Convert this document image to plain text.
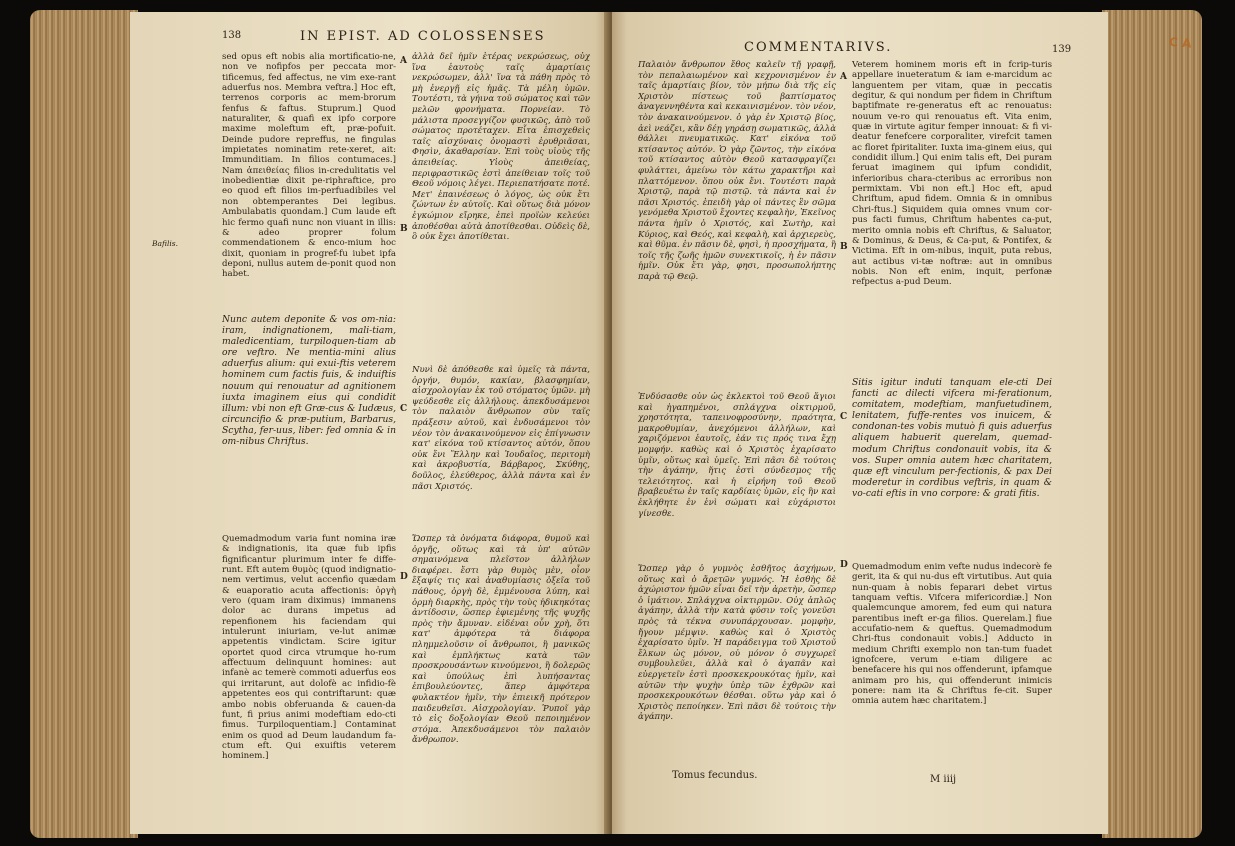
C A
138	IN EPIST. AD COLOSSENSES

sed opus eft nobis alia mortificatio-ne, non ve nofipfos per peccata mor-tificemus, fed affectus, ne vim exe-rant aduerfus nos. Membra veftra.] Hoc eft, terrenos corporis ac mem-brorum fenfus & faftus. Stuprum.] Quod naturaliter, & quafi ex ipfo corpore maxime moleftum eft, præ-pofuit. Deinde pudore repreffus, ne fingulas impietates nominatim rete-xeret, ait: Immunditiam. In filios contumaces.] Nam ἀπειθείας filios in-credulitatis vel inobedientiæ dixit pe-riphraftice, pro eo quod eft filios im-perfuadibiles vel non obtemperantes Dei legibus. Ambulabatis quondam.] Cum laude eft hic fermo quafi nunc non viuant in illis: & adeo proprer folum commendationem & enco-mium hoc dixit, quoniam in progref-fu iubet ipfa deponi, nullus autem de-ponit quod non habet.

Nunc autem deponite & vos om-nia: iram, indignationem, mali-tiam, maledicentiam, turpiloquen-tiam ab ore veftro. Ne mentia-mini alius aduerfus alium: qui exui-ftis veterem hominem cum factis fuis, & induiftis nouum qui renouatur ad agnitionem iuxta imaginem eius qui condidit illum: vbi non eft Græ-cus & Iudæus, circuncifio & præ-putium, Barbarus, Scytha, fer-uus, liber: fed omnia & in om-nibus Chriftus.

Quemadmodum varia funt nomina iræ & indignationis, ita quæ fub ipfis fignificantur plurimum inter fe diffe-runt. Eft autem θυμὸς (quod indignatio-nem vertimus, velut accenfio quædam & euaporatio acuta affectionis: ὀργὴ vero (quam iram diximus) immanens dolor ac durans impetus ad repenfionem his faciendam qui intulerunt iniuriam, ve-lut animæ appetentis vindictam. Scire igitur oportet quod circa vtrumque ho-rum affectuum delinquunt homines: aut infanè ac temerè commoti aduerfus eos qui irritarunt, aut dolofè ac infidio-fè appetentes eos qui contriftarunt: quæ ambo nobis obferuanda & cauen-da funt, fi prius animi modeftiam edo-cti fimus. Turpiloquentiam.] Contaminat enim os quod ad Deum laudandum fa-ctum eft. Qui exuiftis veterem hominem.]

A
B
C
D

ἀλλὰ δεῖ ἡμῖν ἑτέρας νεκρώσεως, οὐχ ἵνα ἑαυτοὺς ταῖς ἁμαρτίαις νεκρώσωμεν, ἀλλ' ἵνα τὰ πάθη πρὸς τὸ μὴ ἐνεργῇ εἰς ἡμᾶς. Τὰ μέλη ὑμῶν. Τουτέστι, τὰ γήινα τοῦ σώματος καὶ τῶν μελῶν φρονήματα. Πορνείαν. Τὸ μάλιστα προσεγγίζον φυσικῶς, ἀπὸ τοῦ σώματος προτέταχεν. Εἶτα ἐπισχεθεὶς ταῖς αἰσχύναις ὀνομαστὶ ἐρυθριᾶσαι, Φησὶν, ἀκαθαρσίαν. Ἐπὶ τοὺς υἱοὺς τῆς ἀπειθείας. Υἱοὺς ἀπειθείας, περιφραστικῶς ἐστὶ ἀπείθειαν τοῖς τοῦ Θεοῦ νόμοις λέγει. Περιεπατήσατε ποτέ. Μετ' ἐπαινέσεως ὁ λόγος, ὡς οὐκ ἔτι ζώντων ἐν αὐτοῖς. Καὶ οὕτως διὰ μόνον ἐγκώμιον εἴρηκε, ἐπεὶ προϊὼν κελεύει ἀποθέσθαι αὐτὰ ἀποτίθεσθαι. Οὐδεὶς δὲ, ὃ οὐκ ἔχει ἀποτίθεται.

Νυνὶ δὲ ἀπόθεσθε καὶ ὑμεῖς τὰ πάντα, ὀργήν, θυμόν, κακίαν, βλασφημίαν, αἰσχρολογίαν ἐκ τοῦ στόματος ὑμῶν. μὴ ψεύδεσθε εἰς ἀλλήλους. ἀπεκδυσάμενοι τὸν παλαιὸν ἄνθρωπον σὺν ταῖς πράξεσιν αὐτοῦ, καὶ ἐνδυσάμενοι τὸν νέον τὸν ἀνακαινούμενον εἰς ἐπίγνωσιν κατ' εἰκόνα τοῦ κτίσαντος αὐτόν, ὅπου οὐκ ἔνι Ἕλλην καὶ Ἰουδαῖος, περιτομὴ καὶ ἀκροβυστία, Βάρβαρος, Σκύθης, δοῦλος, ἐλεύθερος, ἀλλὰ πάντα καὶ ἐν πᾶσι Χριστός.

Ὥσπερ τὰ ὀνόματα διάφορα, θυμοῦ καὶ ὀργῆς, οὕτως καὶ τὰ ὑπ' αὐτῶν σημαινόμενα πλεῖστον ἀλλήλων διαφέρει. ἔστι γὰρ θυμὸς μὲν, οἷον ἔξαψίς τις καὶ ἀναθυμίασις ὀξεῖα τοῦ πάθους, ὀργὴ δὲ, ἐμμένουσα λύπη, καὶ ὁρμὴ διαρκὴς, πρὸς τὴν τοὺς ἠδικηκότας ἀντίδοσιν, ὥσπερ ἐφιεμένης τῆς ψυχῆς πρὸς τὴν ἄμυναν. εἰδέναι οὖν χρὴ, ὅτι κατ' ἀμφότερα τὰ διάφορα πλημμελοῦσιν οἱ ἄνθρωποι, ἢ μανικῶς καὶ ἐμπλήκτως κατὰ τῶν προσκρουσάντων κινούμενοι, ἢ δολερῶς καὶ ὑπούλως ἐπὶ λυπήσαντας ἐπιβουλεύοντες, ἅπερ ἀμφότερα φυλακτέον ἡμῖν, τὴν ἐπιεικῆ πρότερον παιδευθεῖσι. Αἰσχρολογίαν. Ῥυποῖ γὰρ τὸ εἰς δοξολογίαν Θεοῦ πεποιημένον στόμα. Ἀπεκδυσάμενοι τὸν παλαιὸν ἄνθρωπον.

Bafilis.
COMMENTARIVS.	139

Παλαιὸν ἄνθρωπον ἔθος καλεῖν τῇ γραφῇ, τὸν πεπαλαιωμένον καὶ κεχρονισμένον ἐν ταῖς ἁμαρτίαις βίον, τὸν μήπω διὰ τῆς εἰς Χριστὸν πίστεως τοῦ βαπτίσματος ἀναγεννηθέντα καὶ κεκαινισμένον. τὸν νέον, τὸν ἀνακαινούμενον. ὁ γὰρ ἐν Χριστῷ βίος, ἀεὶ νεάζει, κἂν δέῃ γηράσῃ σωματικῶς, ἀλλὰ θάλλει πνευματικῶς. Κατ' εἰκόνα τοῦ κτίσαντος αὐτόν. Ὁ γὰρ ζῶντος, τὴν εἰκόνα τοῦ κτίσαντος αὐτὸν Θεοῦ κατασφραγίζει φυλάττει, ἀμείνω τὸν κάτω χαρακτῆρι καὶ πλαττόμενον. ὅπου οὐκ ἔνι. Τουτέστι παρὰ Χριστῷ, παρὰ τῷ πιστῷ. τὰ πάντα καὶ ἐν πᾶσι Χριστός. ἐπειδὴ γὰρ οἱ πάντες ἓν σῶμα γενόμεθα Χριστοῦ ἔχοντες κεφαλὴν, Ἐκεῖνος πάντα ἡμῖν ὁ Χριστός, καὶ Σωτὴρ, καὶ Κύριος, καὶ Θεός, καὶ κεφαλὴ, καὶ ἀρχιερεὺς, καὶ θῦμα. ἐν πᾶσιν δὲ, φησὶ, ἡ προσχήματα, ἢ τοῖς τῆς ζωῆς ἡμῶν συνεκτικοῖς, ἡ ἐν πᾶσιν ἡμῖν. Οὐκ ἔτι γὰρ, φησι, προσωπολήπτης παρὰ τῷ Θεῷ.

Ἐνδύσασθε οὖν ὡς ἐκλεκτοὶ τοῦ Θεοῦ ἅγιοι καὶ ἠγαπημένοι, σπλάγχνα οἰκτιρμοῦ, χρηστότητα, ταπεινοφροσύνην, πραότητα, μακροθυμίαν, ἀνεχόμενοι ἀλλήλων, καὶ χαριζόμενοι ἑαυτοῖς, ἐάν τις πρός τινα ἔχῃ μομφήν. καθὼς καὶ ὁ Χριστὸς ἐχαρίσατο ὑμῖν, οὕτως καὶ ὑμεῖς. Ἐπὶ πᾶσι δὲ τούτοις τὴν ἀγάπην, ἥτις ἐστὶ σύνδεσμος τῆς τελειότητος. καὶ ἡ εἰρήνη τοῦ Θεοῦ βραβευέτω ἐν ταῖς καρδίαις ὑμῶν, εἰς ἣν καὶ ἐκλήθητε ἐν ἑνὶ σώματι καὶ εὐχάριστοι γίνεσθε.

Ὥσπερ γὰρ ὁ γυμνὸς ἐσθῆτος ἀσχήμων, οὕτως καὶ ὁ ἄρετῶν γυμνός. Ἡ ἐσθὴς δὲ ἀχώριστον ἡμῶν εἶναι δεῖ τὴν ἀρετὴν, ὥσπερ ὁ ἱμάτιον. Σπλάγχνα οἰκτιρμῶν. Οὐχ ἁπλῶς ἀγάπην, ἀλλὰ τὴν κατὰ φύσιν τοῖς γονεῦσι πρὸς τὰ τέκνα συνυπάρχουσαν. μομφὴν, ἤγουν μέμψιν. καθὼς καὶ ὁ Χριστὸς ἐχαρίσατο ὑμῖν. Ἡ παράδειγμα τοῦ Χριστοῦ ἔλκων ὡς μόνον, οὐ μόνον ὁ συγχωρεῖ συμβουλεῦει, ἀλλὰ καὶ ὁ ἀγαπᾶν καὶ εὐεργετεῖν ἐστὶ προσκεκρουκότας ἡμῖν, καὶ αὐτῶν τὴν ψυχὴν ὑπὲρ τῶν ἐχθρῶν καὶ προσκεκρουκότων θέσθαι. οὕτω γὰρ καὶ ὁ Χριστὸς πεποίηκεν. Ἐπὶ πᾶσι δὲ τούτοις τὴν ἀγάπην.

A
B
C
D

Veterem hominem moris eft in fcrip-turis appellare inueteratum & iam e-marcidum ac languentem per vitam, quæ in peccatis degitur, & qui nondum per fidem in Chriftum baptifmate re-generatus eft ac renouatus: nouum ve-ro qui renouatus eft. Vita enim, quæ in virtute agitur femper innouat: & fi vi-deatur fenefcere corporaliter, virefcit tamen ac floret fpiritaliter. Iuxta ima-ginem eius, qui condidit illum.] Qui enim talis eft, Dei puram feruat imaginem qui ipfum condidit, inferioribus chara-cteribus ac erroribus non permixtam. Vbi non eft.] Hoc eft, apud Chriftum, apud fidem. Omnia & in omnibus Chri-ftus.] Siquidem quia omnes vnum cor-pus facti fumus, Chriftum habentes ca-put, merito omnia nobis eft Chriftus, & Saluator, & Dominus, & Deus, & Ca-put, & Pontifex, & Victima. Eft in om-nibus, inquit, puta rebus, aut actibus vi-tæ noftræ: aut in omnibus nobis. Non eft enim, inquit, perfonæ refpectus a-pud Deum.

Sitis igitur induti tanquam ele-cti Dei fancti ac dilecti vifcera mi-ferationum, comitatem, modeftiam, manfuetudinem, lenitatem, fuffe-rentes vos inuicem, & condonan-tes vobis mutuò fi quis aduerfus aliquem habuerit querelam, quemad-modum Chriftus condonauit vobis, ita & vos. Super omnia autem hæc charitatem, quæ eft vinculum per-fectionis, & pax Dei moderetur in cordibus veftris, in quam & vo-cati eftis in vno corpore: & grati fitis.

Quemadmodum enim vefte nudus indecorè fe gerit, ita & qui nu-dus eft virtutibus. Aut quia nun-quam à nobis feparari debet virtus tanquam veftis. Vifcera mifericordiæ.] Non qualemcunque amorem, fed eum qui natura parentibus ineft er-ga filios. Querelam.] fiue accufatio-nem & queftus. Quemadmodum Chri-ftus condonauit vobis.] Adducto in medium Chrifti exemplo non tan-tum fuadet ignofcere, verum e-tiam diligere ac benefacere his qui nos offenderunt, ipfamque animam pro his, qui offenderunt inimicis ponere: nam ita & Chriftus fe-cit. Super omnia autem hæc charitatem.]

Tomus fecundus.	M iiij
